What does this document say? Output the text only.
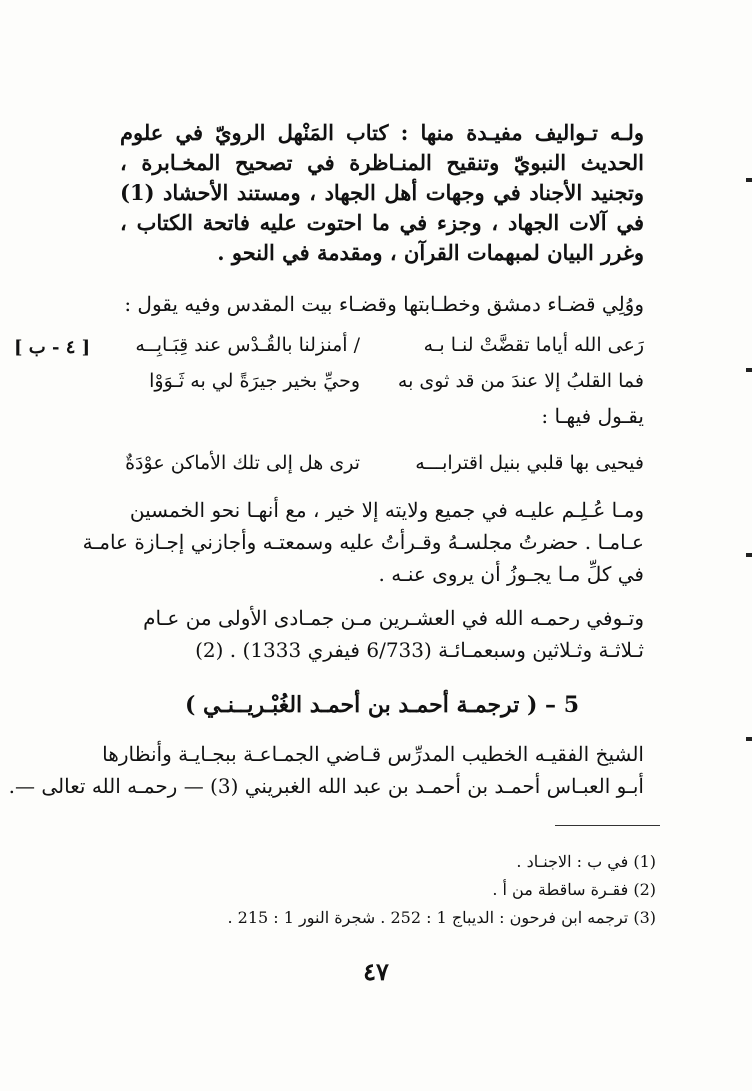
ولـه تـواليف مفيـدة منها : كتاب المَنْهل الرويّ في علوم الحديث النبويّ وتنقيح المنـاظرة في تصحيح المخـابرة ، وتجنيد الأجناد في وجهات أهل الجهاد ، ومستند الأحشاد (1) في آلات الجهاد ، وجزء في ما احتوت عليه فاتحة الكتاب ، وغرر البيان لمبهمات القرآن ، ومقدمة في النحو .

ووُلِي قضـاء دمشق وخطـابتها وقضـاء بيت المقدس وفيه يقول :
رَعى الله أياما تقضَّتْ لنـا بـه
/ أمنزلنا بالقُـدْس عند قِبَـابِــه
[ ٤ - ب ]
فما القلبُ إلا عندَ من قد ثوى به
وحيِّ بخير جيرَةً لي به ثَـوَوْا
يقـول فيهـا :
فيحيى بها قلبي بنيل اقترابـــه
ترى هل إلى تلك الأماكن عوْدَةٌ
ومـا عُـلِـم عليـه في جميع ولايته إلا خير ، مع أنهـا نحو الخمسين
عـامـا . حضرتُ مجلسـهُ وقـرأتُ عليه وسمعتـه وأجازني إجـازة عامـة
في كلِّ مـا يجـوزُ أن يروى عنـه .
وتـوفي رحمـه الله في العشـرين مـن جمـادى الأولى من عـام
ثـلاثـة وثـلاثين وسبعمـائـة (6/733 فيفري 1333) . (2)
5 – ( ترجمـة أحمـد بن أحمـد الغُبْـريــنـي )
الشيخ الفقيـه الخطيب المدرِّس قـاضي الجمـاعـة ببجـايـة وأنظارها
أبـو العبـاس أحمـد بن أحمـد بن عبد الله الغبريني (3) — رحمـه الله تعالى —.
(1) في ب : الاجنـاد .
(2) فقـرة ساقطة من أ .
(3) ترجمه ابن فرحون : الديباج 1 : 252 . شجرة النور 1 : 215 .
٤٧
